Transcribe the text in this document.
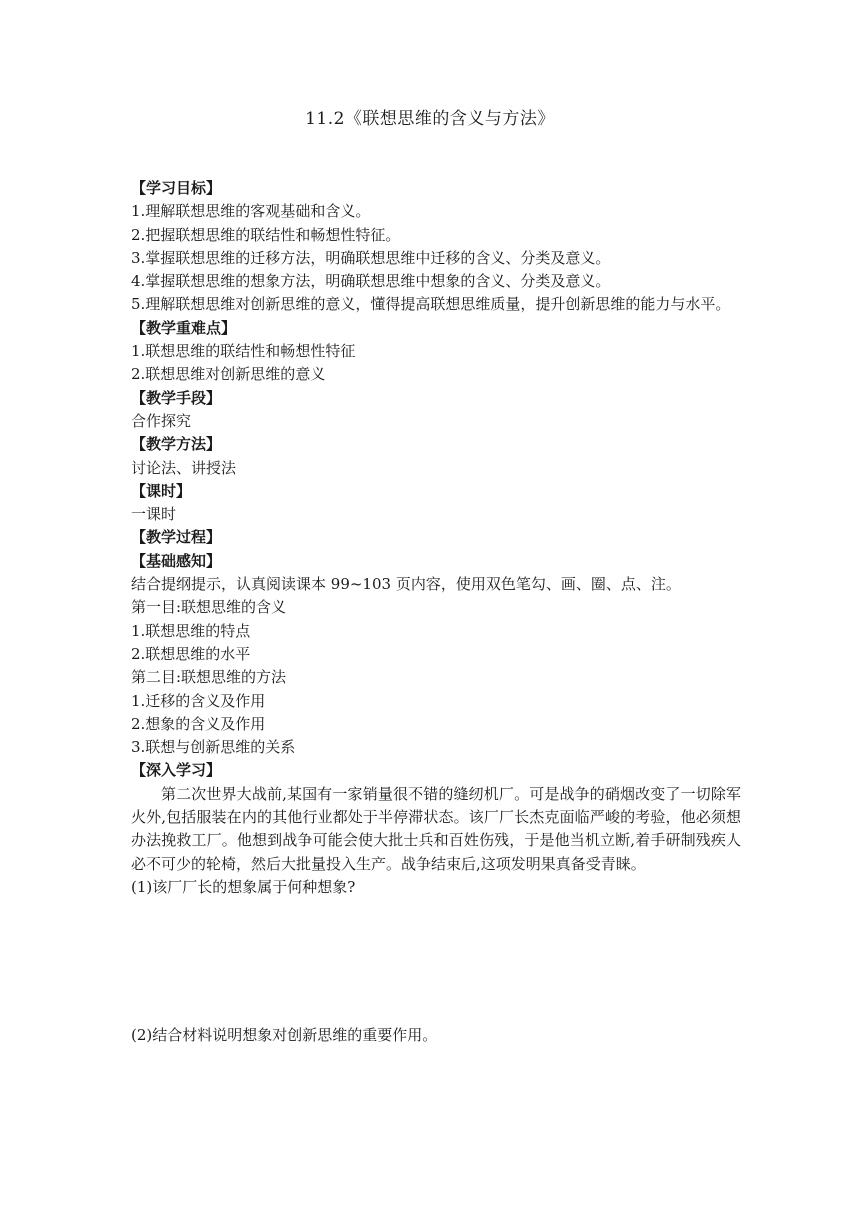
11.2《联想思维的含义与方法》
【学习目标】
1.理解联想思维的客观基础和含义。
2.把握联想思维的联结性和畅想性特征。
3.掌握联想思维的迁移方法，明确联想思维中迁移的含义、分类及意义。
4.掌握联想思维的想象方法，明确联想思维中想象的含义、分类及意义。
5.理解联想思维对创新思维的意义，懂得提高联想思维质量，提升创新思维的能力与水平。
【教学重难点】
1.联想思维的联结性和畅想性特征
2.联想思维对创新思维的意义
【教学手段】
合作探究
【教学方法】
讨论法、讲授法
【课时】
一课时
【教学过程】
【基础感知】
结合提纲提示，认真阅读课本 99~103 页内容，使用双色笔勾、画、圈、点、注。
第一目:联想思维的含义
1.联想思维的特点
2.联想思维的水平
第二目:联想思维的方法
1.迁移的含义及作用
2.想象的含义及作用
3.联想与创新思维的关系
【深入学习】
第二次世界大战前,某国有一家销量很不错的缝纫机厂。可是战争的硝烟改变了一切除军火外,包括服装在内的其他行业都处于半停滞状态。该厂厂长杰克面临严峻的考验，他必须想办法挽救工厂。他想到战争可能会使大批士兵和百姓伤残，于是他当机立断,着手研制残疾人必不可少的轮椅，然后大批量投入生产。战争结束后,这项发明果真备受青睐。
(1)该厂厂长的想象属于何种想象?
(2)结合材料说明想象对创新思维的重要作用。
